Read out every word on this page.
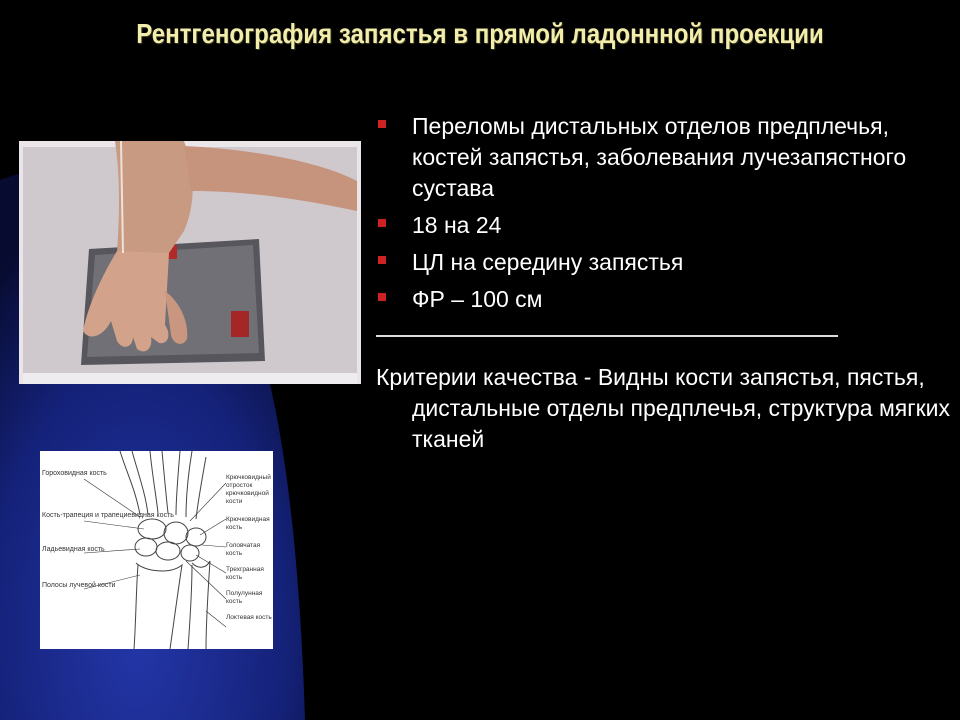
Рентгенография запястья в прямой ладоннной проекции
Гороховидная кость
Кость-трапеция и трапециевидная кость
Ладьевидная кость
Полосы лучевой кости
Крючковидный отросток крючковидной кости
Крючковидная кость
Головчатая кость
Трехгранная кость
Полулунная кость
Локтевая кость
Переломы дистальных отделов предплечья, костей запястья, заболевания лучезапястного сустава
18 на 24
ЦЛ на середину запястья
ФР – 100 см
Критерии качества - Видны кости запястья, пястья, дистальные отделы предплечья, структура мягких тканей
